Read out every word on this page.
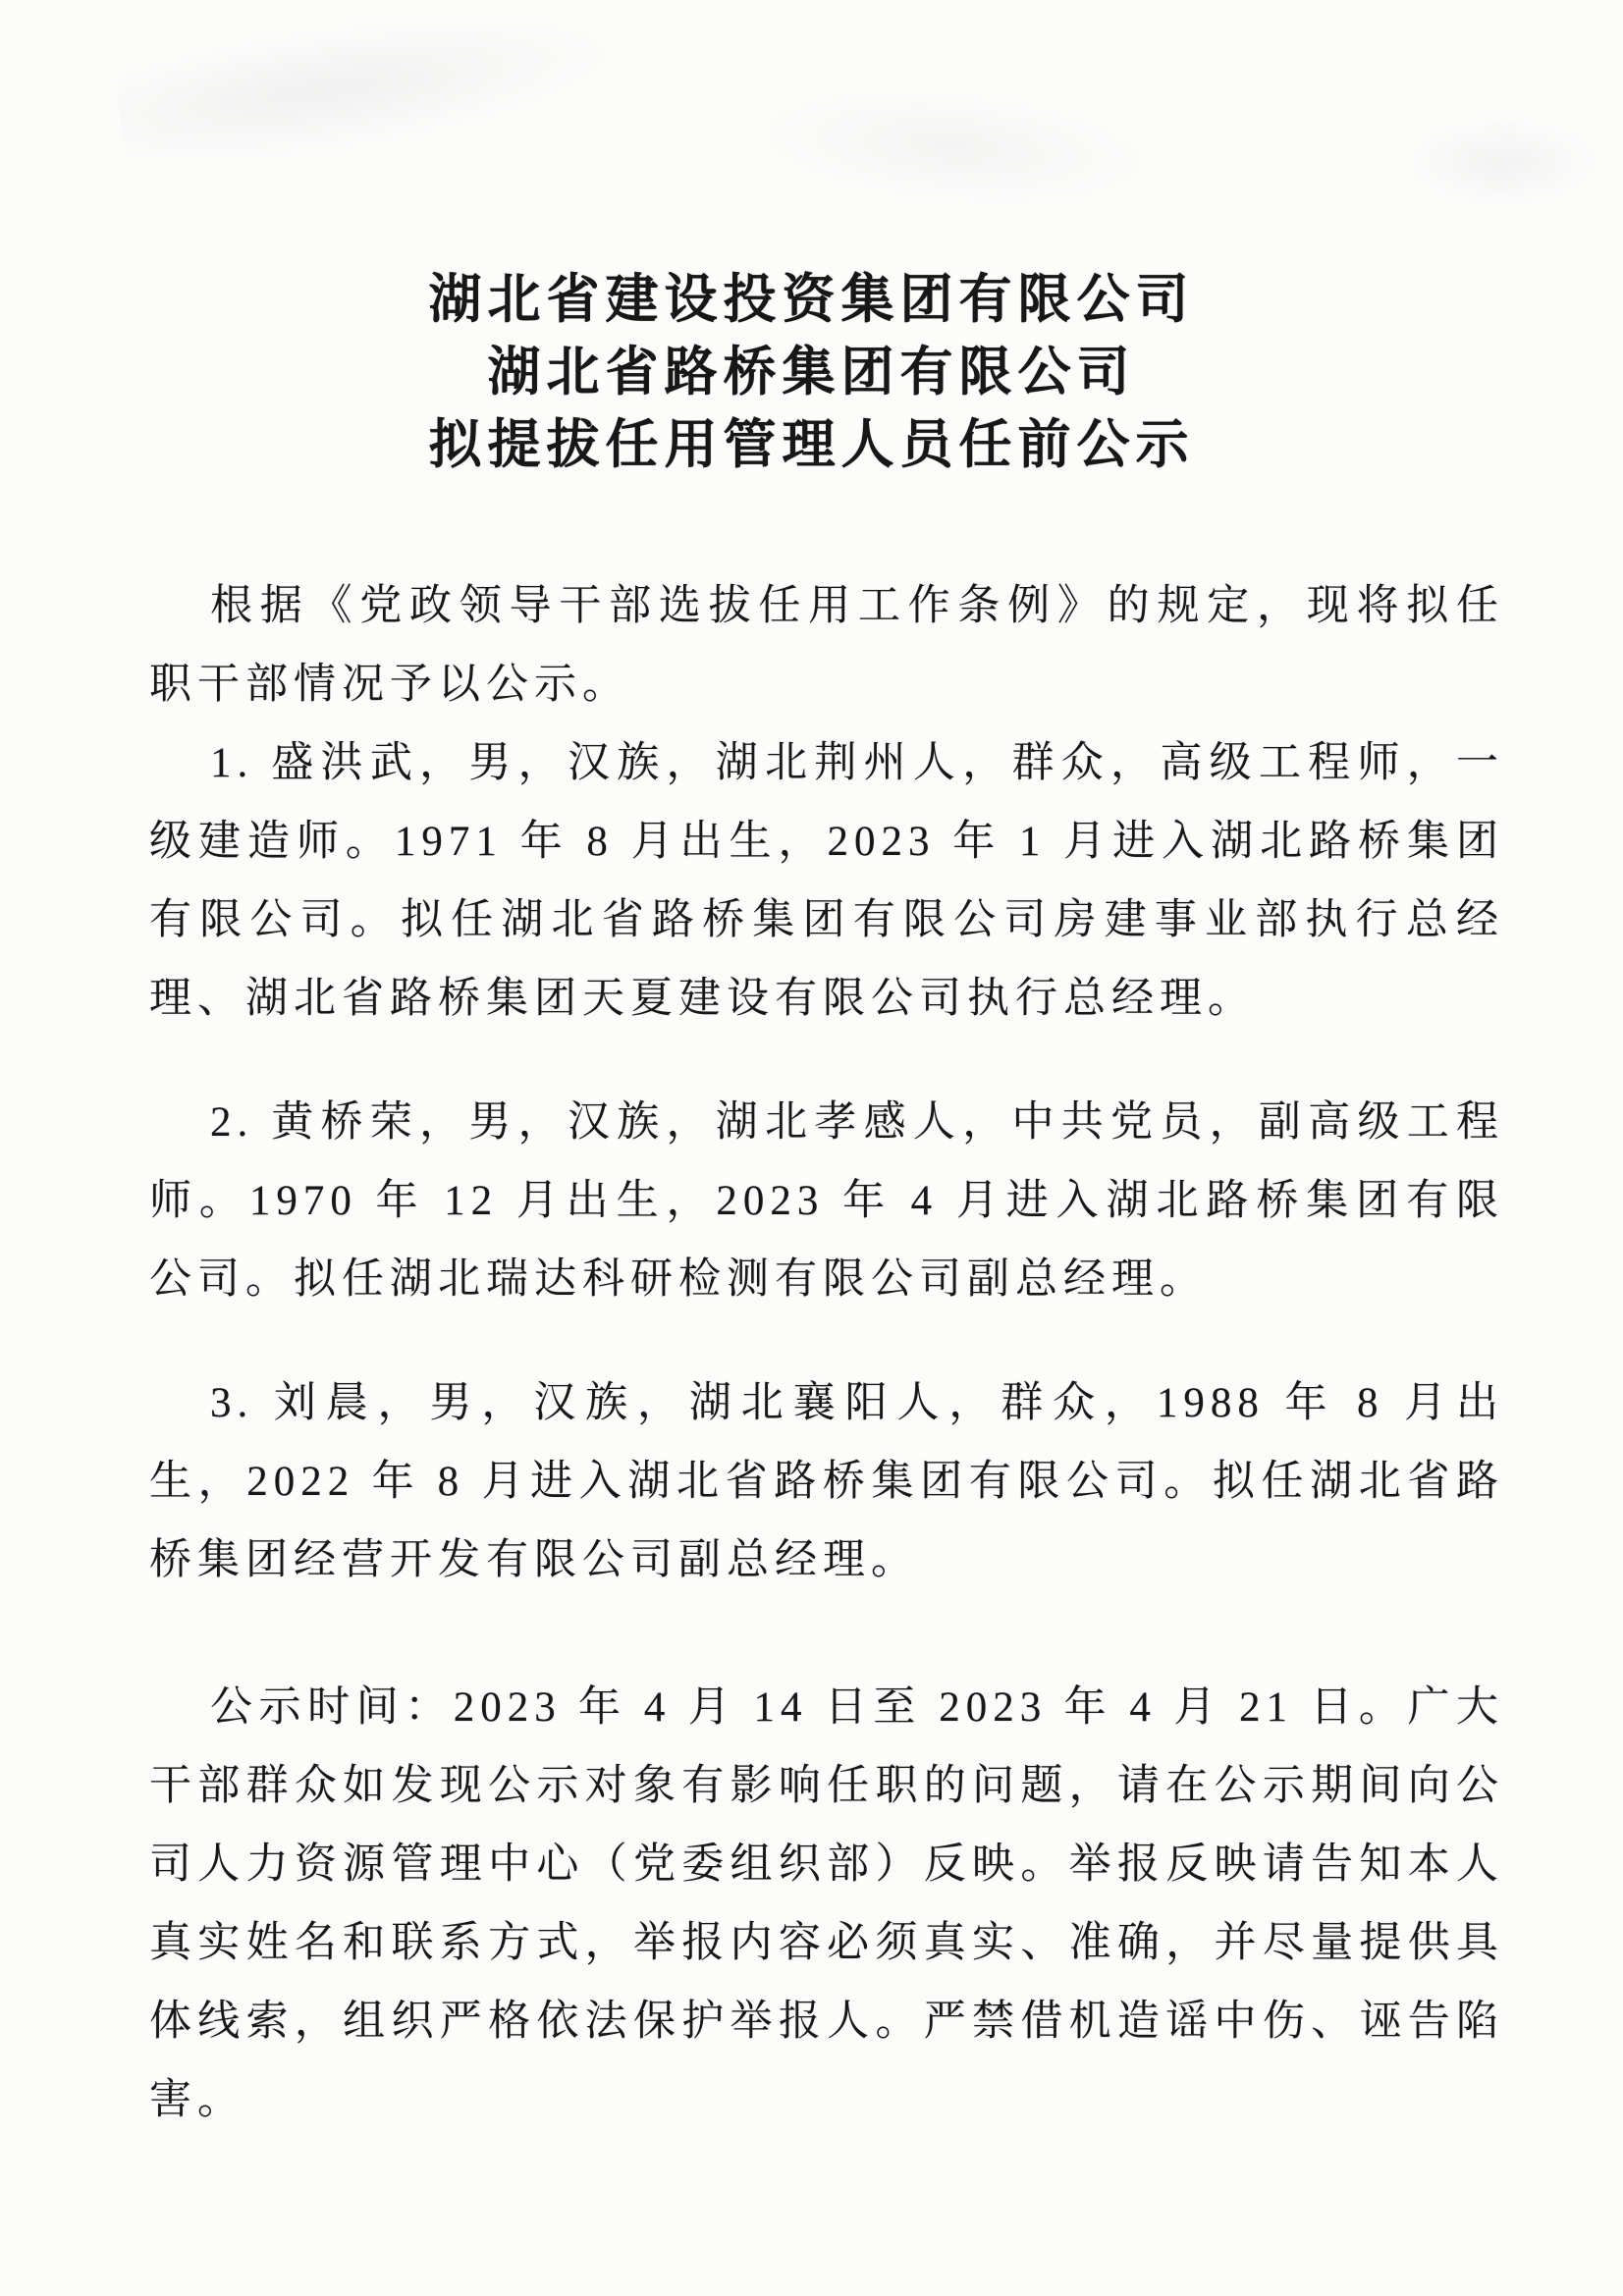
湖北省建设投资集团有限公司
湖北省路桥集团有限公司
拟提拔任用管理人员任前公示

根据《党政领导干部选拔任用工作条例》的规定，现将拟任职干部情况予以公示。

1. 盛洪武，男，汉族，湖北荆州人，群众，高级工程师，一级建造师。1971 年 8 月出生，2023 年 1 月进入湖北路桥集团有限公司。拟任湖北省路桥集团有限公司房建事业部执行总经理、湖北省路桥集团天夏建设有限公司执行总经理。

2. 黄桥荣，男，汉族，湖北孝感人，中共党员，副高级工程师。1970 年 12 月出生，2023 年 4 月进入湖北路桥集团有限公司。拟任湖北瑞达科研检测有限公司副总经理。

3. 刘晨，男，汉族，湖北襄阳人，群众，1988 年 8 月出生，2022 年 8 月进入湖北省路桥集团有限公司。拟任湖北省路桥集团经营开发有限公司副总经理。

公示时间：2023 年 4 月 14 日至 2023 年 4 月 21 日。广大干部群众如发现公示对象有影响任职的问题，请在公示期间向公司人力资源管理中心（党委组织部）反映。举报反映请告知本人真实姓名和联系方式，举报内容必须真实、准确，并尽量提供具体线索，组织严格依法保护举报人。严禁借机造谣中伤、诬告陷害。
